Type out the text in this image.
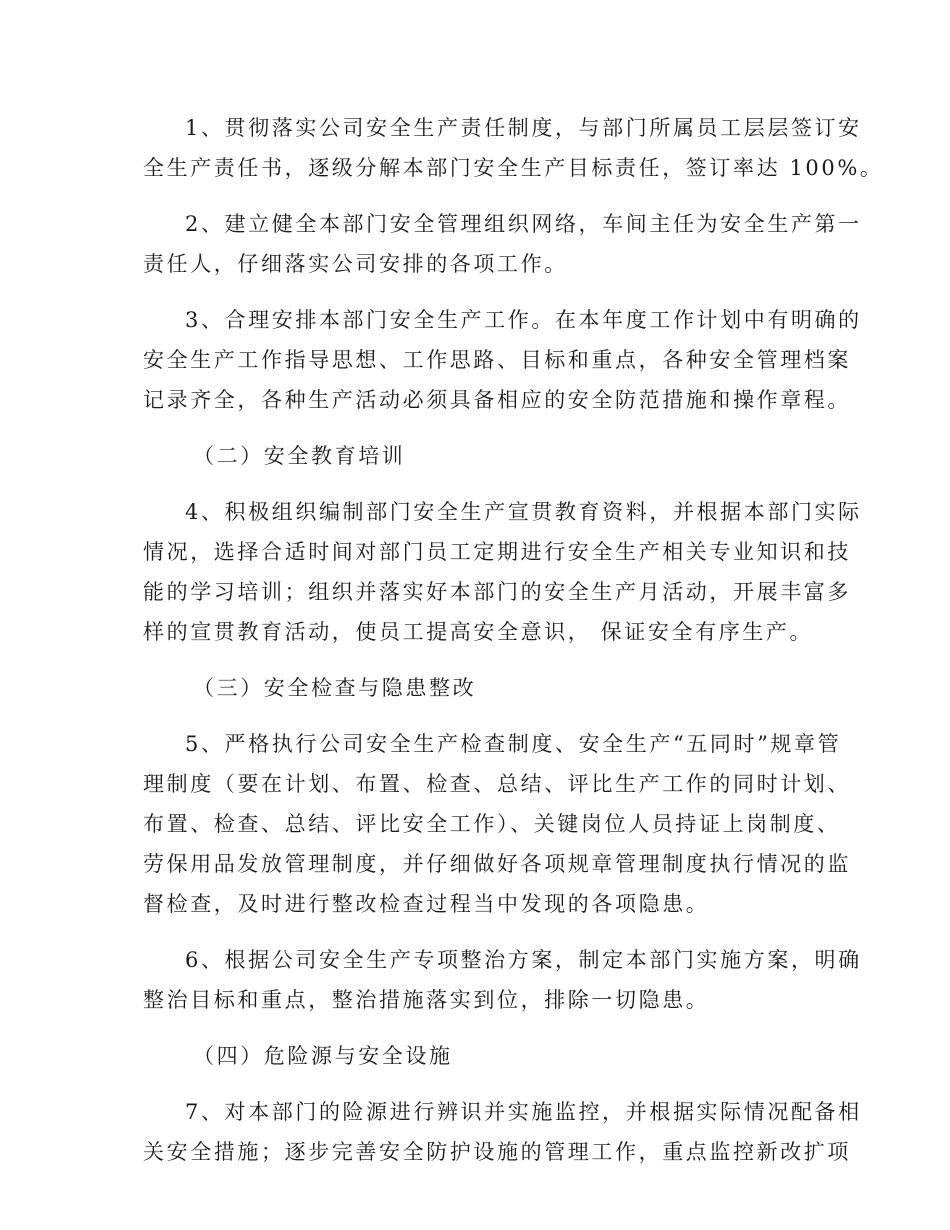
1、贯彻落实公司安全生产责任制度，与部门所属员工层层签订安
全生产责任书，逐级分解本部门安全生产目标责任，签订率达 100%。
2、建立健全本部门安全管理组织网络，车间主任为安全生产第一
责任人，仔细落实公司安排的各项工作。
3、合理安排本部门安全生产工作。在本年度工作计划中有明确的
安全生产工作指导思想、工作思路、目标和重点，各种安全管理档案
记录齐全，各种生产活动必须具备相应的安全防范措施和操作章程。
（二）安全教育培训
4、积极组织编制部门安全生产宣贯教育资料，并根据本部门实际
情况，选择合适时间对部门员工定期进行安全生产相关专业知识和技
能的学习培训；组织并落实好本部门的安全生产月活动，开展丰富多
样的宣贯教育活动，使员工提高安全意识， 保证安全有序生产。
（三）安全检查与隐患整改
5、严格执行公司安全生产检查制度、安全生产“五同时”规章管
理制度（要在计划、布置、检查、总结、评比生产工作的同时计划、
布置、检查、总结、评比安全工作）、关键岗位人员持证上岗制度、
劳保用品发放管理制度，并仔细做好各项规章管理制度执行情况的监
督检查，及时进行整改检查过程当中发现的各项隐患。
6、根据公司安全生产专项整治方案，制定本部门实施方案，明确
整治目标和重点，整治措施落实到位，排除一切隐患。
（四）危险源与安全设施
7、对本部门的险源进行辨识并实施监控，并根据实际情况配备相
关安全措施；逐步完善安全防护设施的管理工作，重点监控新改扩项
